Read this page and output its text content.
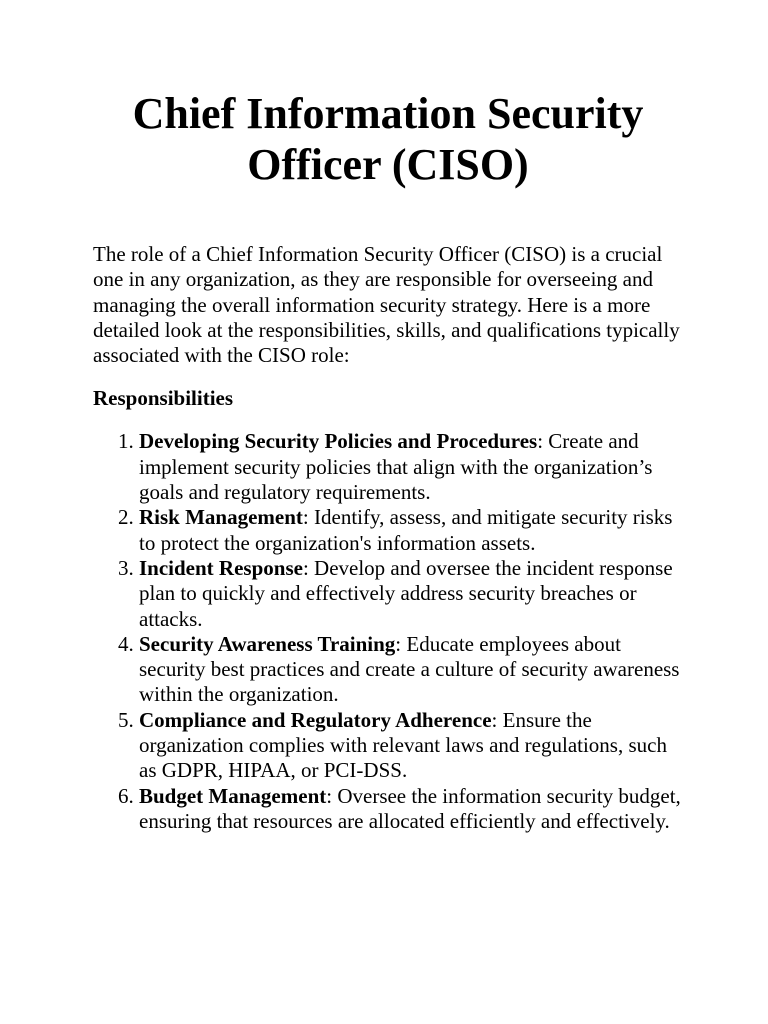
Chief Information Security Officer (CISO)

The role of a Chief Information Security Officer (CISO) is a crucial one in any organization, as they are responsible for overseeing and managing the overall information security strategy. Here is a more detailed look at the responsibilities, skills, and qualifications typically associated with the CISO role:

Responsibilities

1. Developing Security Policies and Procedures: Create and implement security policies that align with the organization’s goals and regulatory requirements.
2. Risk Management: Identify, assess, and mitigate security risks to protect the organization's information assets.
3. Incident Response: Develop and oversee the incident response plan to quickly and effectively address security breaches or attacks.
4. Security Awareness Training: Educate employees about security best practices and create a culture of security awareness within the organization.
5. Compliance and Regulatory Adherence: Ensure the organization complies with relevant laws and regulations, such as GDPR, HIPAA, or PCI-DSS.
6. Budget Management: Oversee the information security budget, ensuring that resources are allocated efficiently and effectively.
